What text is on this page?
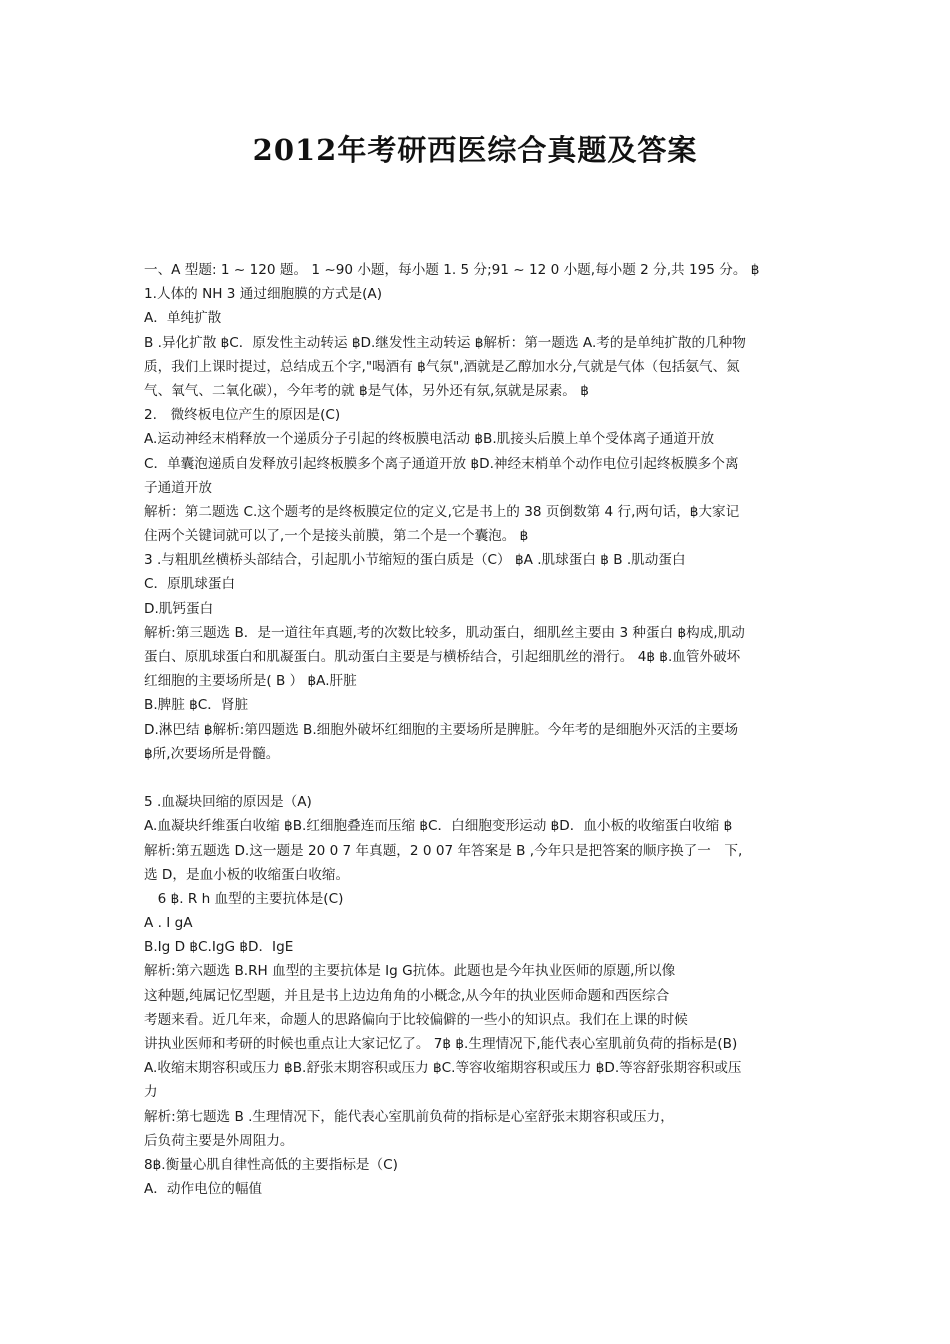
2012年考研西医综合真题及答案
一、A 型题: 1 ~ 120 题。 1 ~90 小题，每小题 1. 5 分;91 ~ 12 0 小题,每小题 2 分,共 195 分。 ฿
1.人体的 NH 3 通过细胞膜的方式是(A)
A．单纯扩散
B .异化扩散 ฿C．原发性主动转运 ฿D.继发性主动转运 ฿解析：第一题选 A.考的是单纯扩散的几种物
质，我们上课时提过，总结成五个字,"喝酒有 ฿气氛",酒就是乙醇加水分,气就是气体（包括氨气、氮
气、氧气、二氧化碳），今年考的就 ฿是气体，另外还有氛,氛就是尿素。 ฿
2.　微终板电位产生的原因是(C)
A.运动神经末梢释放一个递质分子引起的终板膜电活动 ฿B.肌接头后膜上单个受体离子通道开放
C．单囊泡递质自发释放引起终板膜多个离子通道开放 ฿D.神经末梢单个动作电位引起终板膜多个离
子通道开放
解析：第二题选 C.这个题考的是终板膜定位的定义,它是书上的 38 页倒数第 4 行,两句话，฿大家记
住两个关键词就可以了,一个是接头前膜，第二个是一个囊泡。 ฿
3 .与粗肌丝横桥头部结合，引起肌小节缩短的蛋白质是（C） ฿A .肌球蛋白 ฿ B .肌动蛋白
C．原肌球蛋白
D.肌钙蛋白
解析:第三题选 B．是一道往年真题,考的次数比较多，肌动蛋白，细肌丝主要由 3 种蛋白 ฿构成,肌动
蛋白、原肌球蛋白和肌凝蛋白。肌动蛋白主要是与横桥结合，引起细肌丝的滑行。 4฿ ฿.血管外破坏
红细胞的主要场所是( B ） ฿A.肝脏
B.脾脏 ฿C．肾脏
D.淋巴结 ฿解析:第四题选 B.细胞外破坏红细胞的主要场所是脾脏。今年考的是细胞外灭活的主要场
฿所,次要场所是骨髓。
5 .血凝块回缩的原因是（A)
A.血凝块纤维蛋白收缩 ฿B.红细胞叠连而压缩 ฿C．白细胞变形运动 ฿D．血小板的收缩蛋白收缩 ฿
解析:第五题选 D.这一题是 20 0 7 年真题，2 0 07 年答案是 B ,今年只是把答案的顺序换了一　下,
选 D，是血小板的收缩蛋白收缩。
　6 ฿. R h 血型的主要抗体是(C)
A . I gA
B.Ig D ฿C.IgG ฿D．IgE
解析:第六题选 B.RH 血型的主要抗体是 Ig G抗体。此题也是今年执业医师的原题,所以像
这种题,纯属记忆型题，并且是书上边边角角的小概念,从今年的执业医师命题和西医综合
考题来看。近几年来，命题人的思路偏向于比较偏僻的一些小的知识点。我们在上课的时候
讲执业医师和考研的时候也重点让大家记忆了。 7฿ ฿.生理情况下,能代表心室肌前负荷的指标是(B)
A.收缩末期容积或压力 ฿B.舒张末期容积或压力 ฿C.等容收缩期容积或压力 ฿D.等容舒张期容积或压
力
解析:第七题选 B .生理情况下，能代表心室肌前负荷的指标是心室舒张末期容积或压力，
后负荷主要是外周阻力。
8฿.衡量心肌自律性高低的主要指标是（C)
A．动作电位的幅值
